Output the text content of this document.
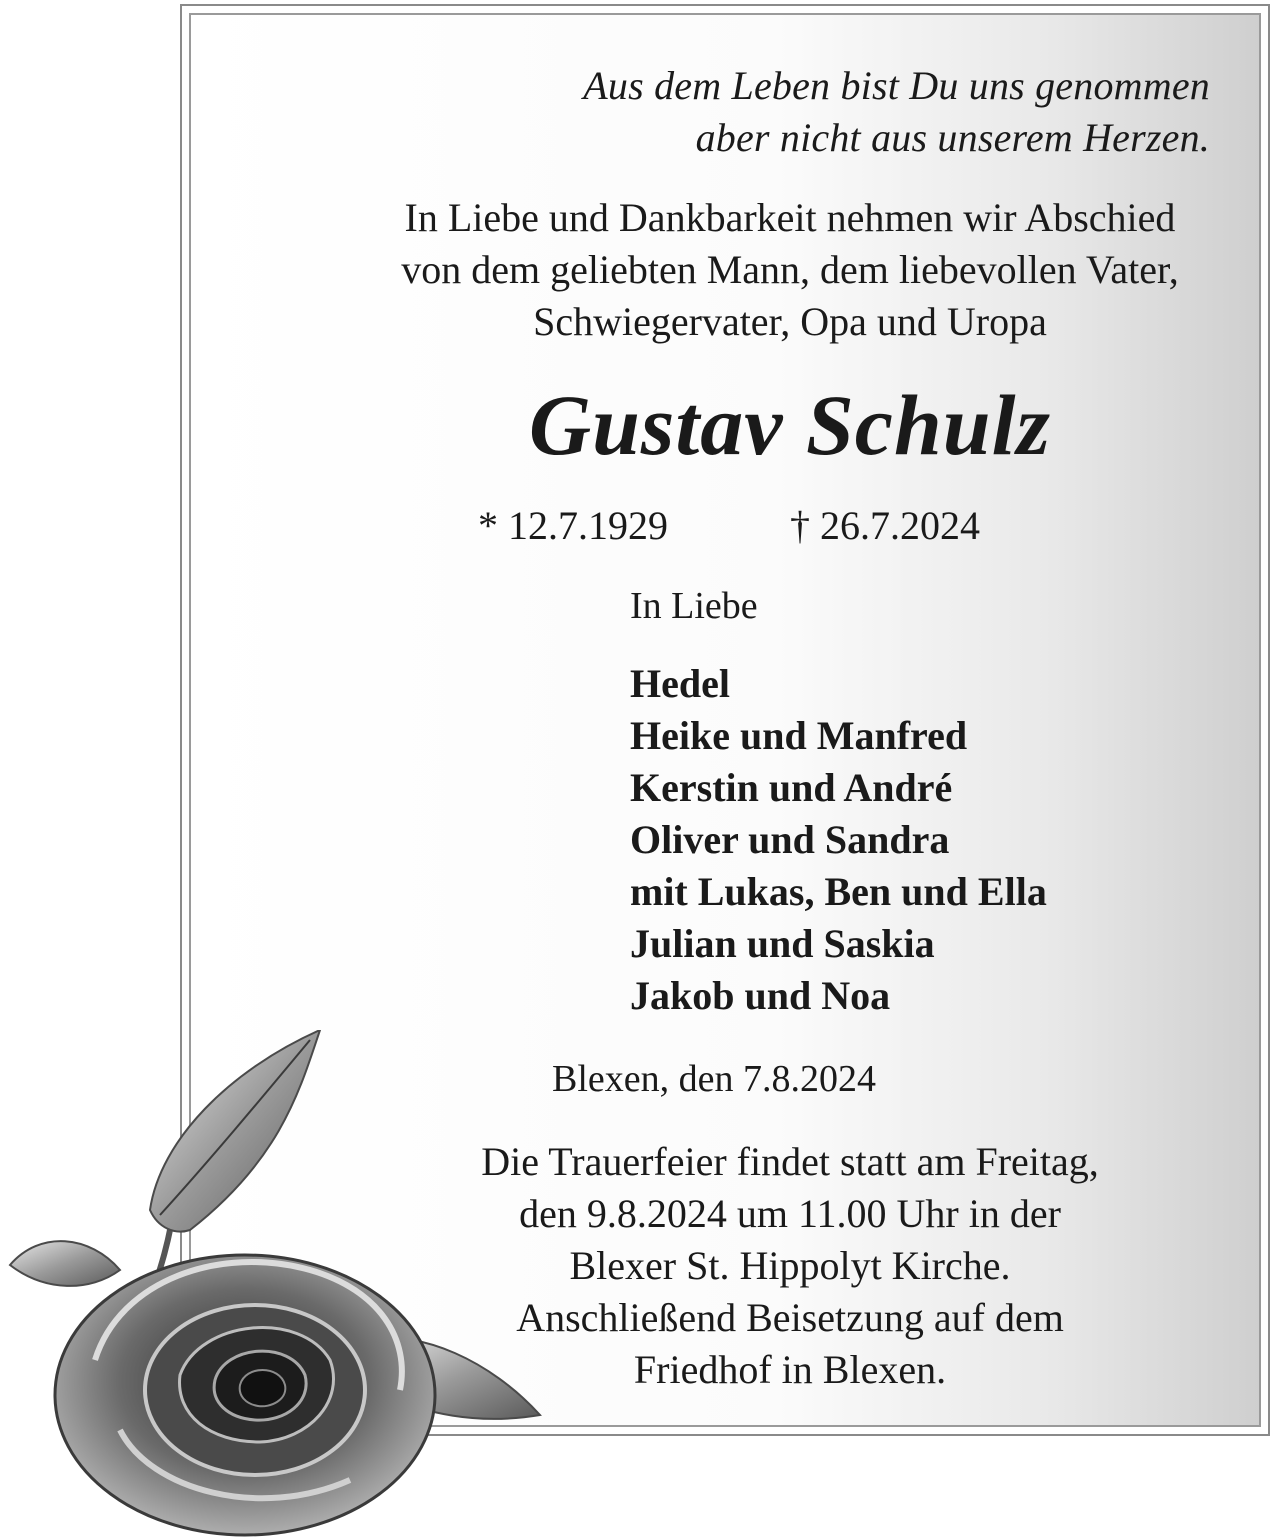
Aus dem Leben bist Du uns genommen
aber nicht aus unserem Herzen.
In Liebe und Dankbarkeit nehmen wir Abschied
von dem geliebten Mann, dem liebevollen Vater,
Schwiegervater, Opa und Uropa
Gustav Schulz
* 12.7.1929	† 26.7.2024
In Liebe
Hedel
Heike und Manfred
Kerstin und André
Oliver und Sandra
mit Lukas, Ben und Ella
Julian und Saskia
Jakob und Noa
Blexen, den 7.8.2024
Die Trauerfeier findet statt am Freitag,
den 9.8.2024 um 11.00 Uhr in der
Blexer St. Hippolyt Kirche.
Anschließend Beisetzung auf dem
Friedhof in Blexen.
